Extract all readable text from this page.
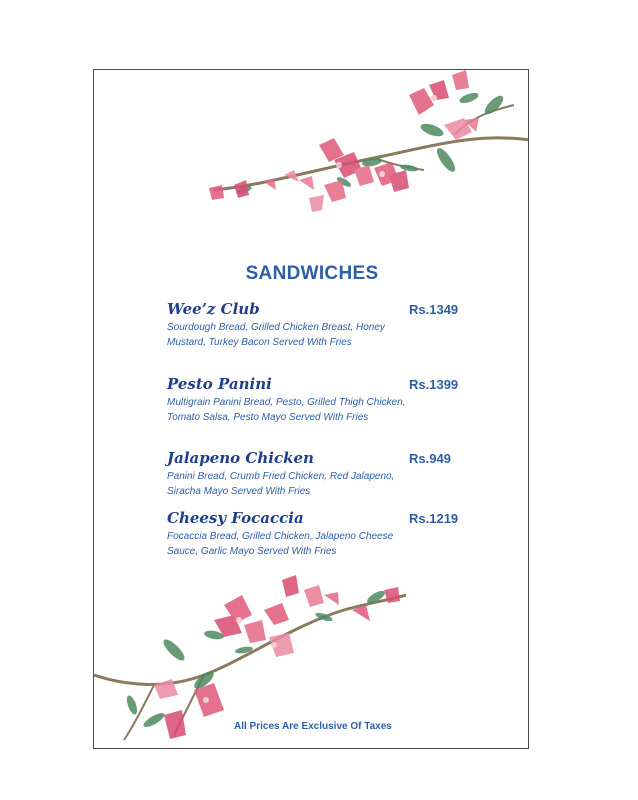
SANDWICHES
Wee’z Club
Sourdough Bread, Grilled Chicken Breast, Honey Mustard, Turkey Bacon Served With Fries
Rs.1349
Pesto Panini
Multigrain Panini Bread, Pesto, Grilled Thigh Chicken, Tomato Salsa, Pesto Mayo Served With Fries
Rs.1399
Jalapeno Chicken
Panini Bread, Crumb Fried Chicken, Red Jalapeno, Siracha Mayo Served With Fries
Rs.949
Cheesy Focaccia
Focaccia Bread, Grilled Chicken, Jalapeno Cheese Sauce, Garlic Mayo Served With Fries
Rs.1219
All Prices Are Exclusive Of Taxes
